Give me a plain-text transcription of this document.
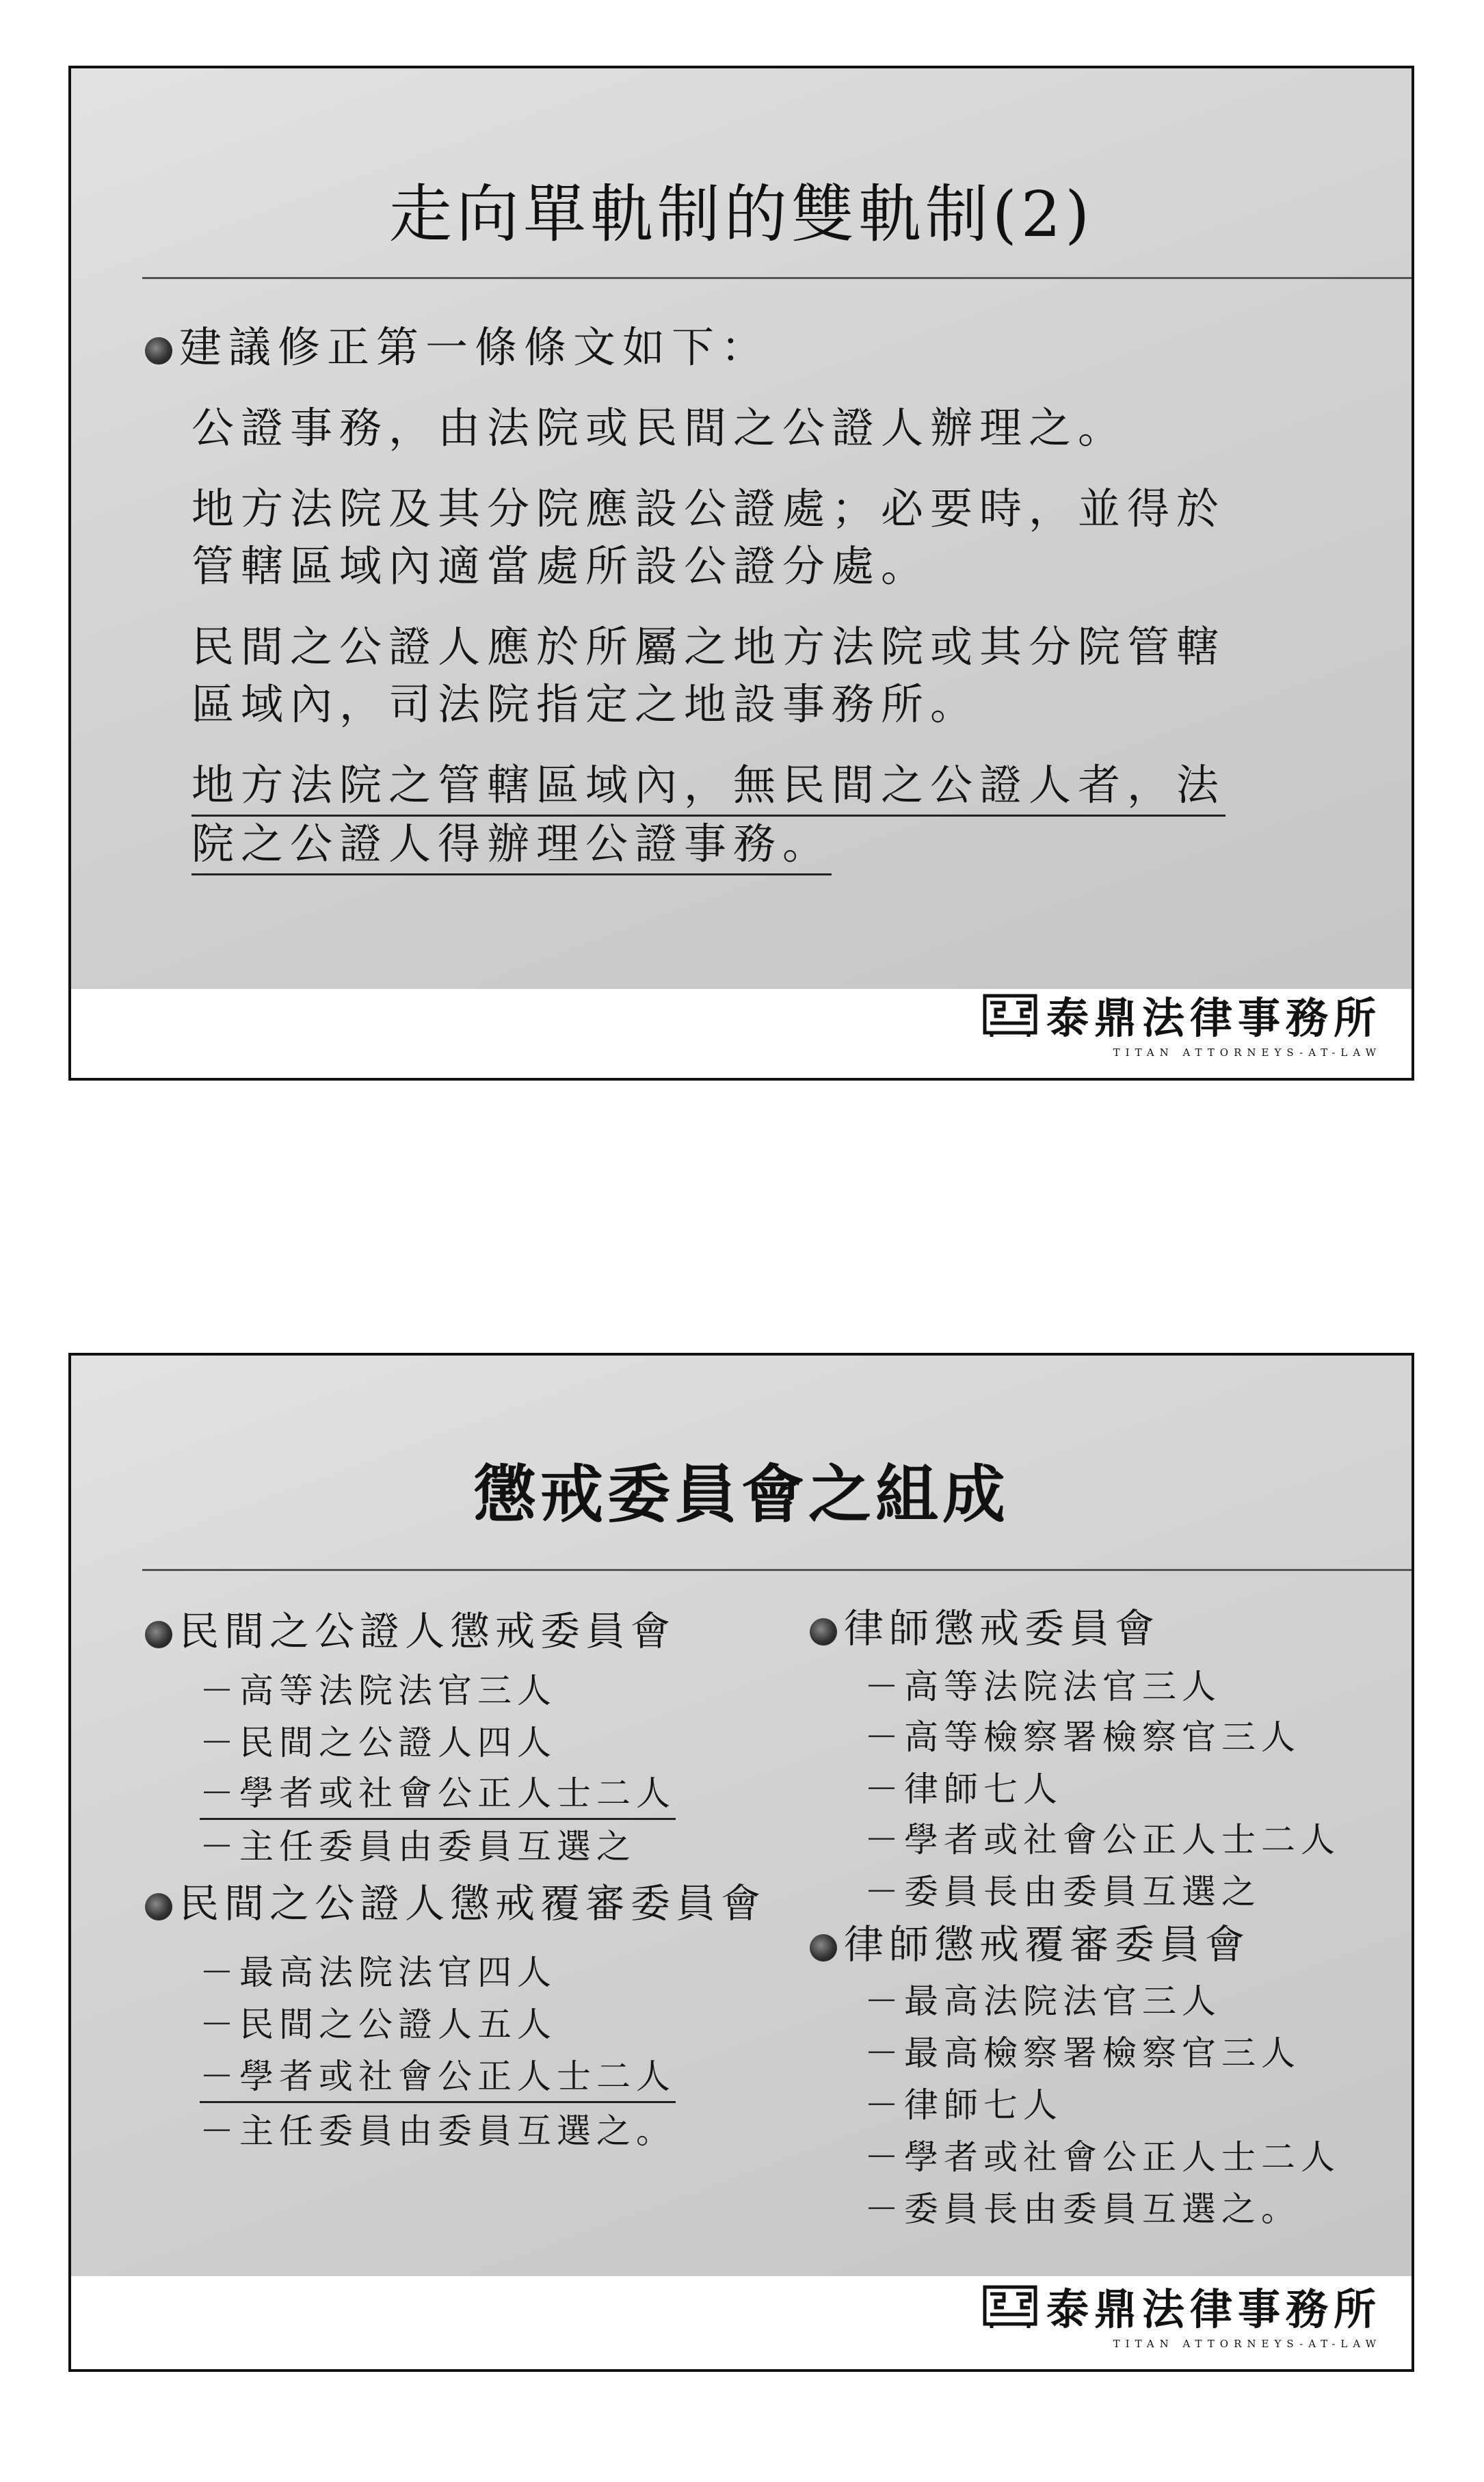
走向單軌制的雙軌制(2)
建議修正第一條條文如下：
公證事務，由法院或民間之公證人辦理之。
地方法院及其分院應設公證處；必要時，並得於
管轄區域內適當處所設公證分處。
民間之公證人應於所屬之地方法院或其分院管轄
區域內，司法院指定之地設事務所。
地方法院之管轄區域內，無民間之公證人者，法
院之公證人得辦理公證事務。
泰鼎法律事務所
TITAN ATTORNEYS-AT-LAW
懲戒委員會之組成
民間之公證人懲戒委員會
－高等法院法官三人
－民間之公證人四人
－學者或社會公正人士二人
－主任委員由委員互選之
民間之公證人懲戒覆審委員會
－最高法院法官四人
－民間之公證人五人
－學者或社會公正人士二人
－主任委員由委員互選之。
律師懲戒委員會
－高等法院法官三人
－高等檢察署檢察官三人
－律師七人
－學者或社會公正人士二人
－委員長由委員互選之
律師懲戒覆審委員會
－最高法院法官三人
－最高檢察署檢察官三人
－律師七人
－學者或社會公正人士二人
－委員長由委員互選之。
泰鼎法律事務所
TITAN ATTORNEYS-AT-LAW
